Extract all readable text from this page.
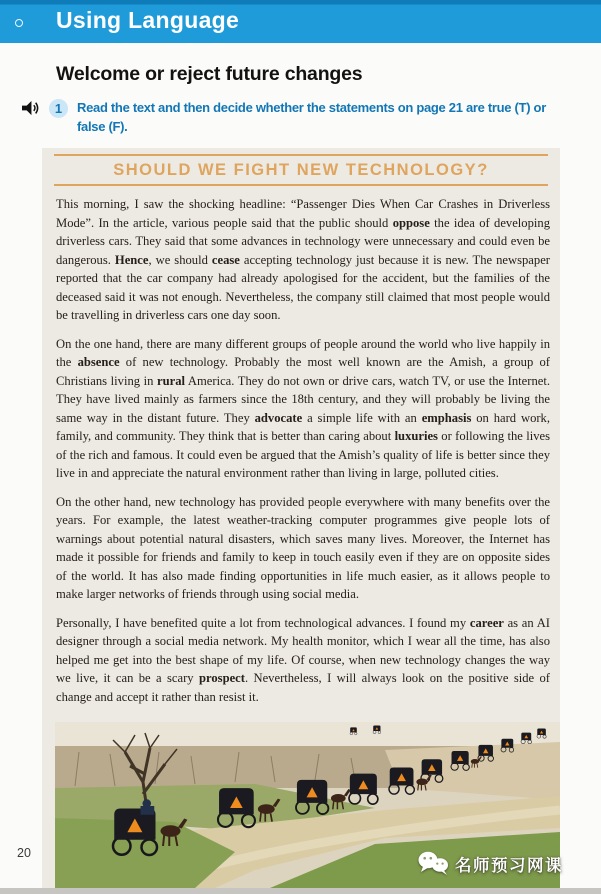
Using Language
Welcome or reject future changes
1	Read the text and then decide whether the statements on page 21 are true (T) or false (F).
SHOULD WE FIGHT NEW TECHNOLOGY?

This morning, I saw the shocking headline: “Passenger Dies When Car Crashes in Driverless Mode”. In the article, various people said that the public should oppose the idea of developing driverless cars. They said that some advances in technology were unnecessary and could even be dangerous. Hence, we should cease accepting technology just because it is new. The newspaper reported that the car company had already apologised for the accident, but the families of the deceased said it was not enough. Nevertheless, the company still claimed that most people would be travelling in driverless cars one day soon.

On the one hand, there are many different groups of people around the world who live happily in the absence of new technology. Probably the most well known are the Amish, a group of Christians living in rural America. They do not own or drive cars, watch TV, or use the Internet. They have lived mainly as farmers since the 18th century, and they will probably be living the same way in the distant future. They advocate a simple life with an emphasis on hard work, family, and community. They think that is better than caring about luxuries or following the lives of the rich and famous. It could even be argued that the Amish’s quality of life is better since they live in and appreciate the natural environment rather than living in large, polluted cities.

On the other hand, new technology has provided people everywhere with many benefits over the years. For example, the latest weather-tracking computer programmes give people lots of warnings about potential natural disasters, which saves many lives. Moreover, the Internet has made it possible for friends and family to keep in touch easily even if they are on opposite sides of the world. It has also made finding opportunities in life much easier, as it allows people to make larger networks of friends through using social media.

Personally, I have benefited quite a lot from technological advances. I found my career as an AI designer through a social media network. My health monitor, which I wear all the time, has also helped me get into the best shape of my life. Of course, when new technology changes the way we live, it can be a scary prospect. Nevertheless, I will always look on the positive side of change and accept it rather than resist it.

20
名师预习网课
